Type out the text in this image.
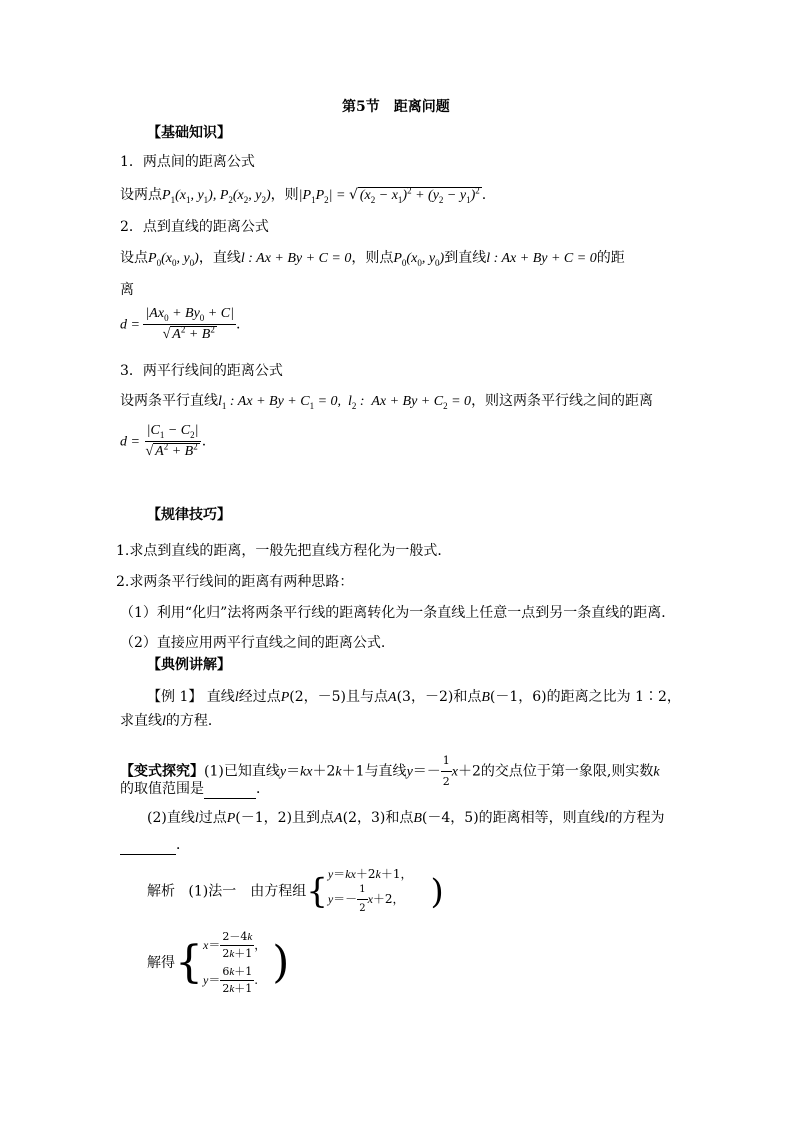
第5节　距离问题
【基础知识】
1．两点间的距离公式
设两点$P_1(x_1$, $y_1$), $P_2(x_2$, $y_2$)，则$|P_1P_2|$ = √ $(x_2 - x_1)^2 + (y_2 - y_1)^2$ .
2．点到直线的距离公式
设点$P_0(x_0$, $y_0$)，直线l : Ax + By + C = 0，则点$P_0(x_0$, $y_0$)到直线l : Ax + By + C = 0的距
离
$d = \frac{|Ax_0 + By_0 + C|}{√ A^2 + B^2}$ .
3．两平行线间的距离公式
设两条平行直线$l_1$ : $Ax + By + C_1 = 0$,  $l_2$ :  $Ax + By + C_2 = 0$，则这两条平行线之间的距离
$d = \frac{|C_1 - C_2|}{√ A^2 + B^2}$ .
【规律技巧】
1.求点到直线的距离，一般先把直线方程化为一般式．
2.求两条平行线间的距离有两种思路：
（1）利用“化归”法将两条平行线的距离转化为一条直线上任意一点到另一条直线的距离．
（2）直接应用两平行直线之间的距离公式.
【典例讲解】
【例 1】 直线l经过点P(2，－5)且与点A(3，－2)和点B(－1，6)的距离之比为 1∶2，
求直线l的方程．
【变式探究】(1)已知直线y＝kx＋2k＋1与直线$y=- \frac{1}{2} x+2$的交点位于第一象限,则实数k
的取值范围是	．
(2)直线l过点P(－1，2)且到点A(2，3)和点B(－4，5)的距离相等，则直线l的方程为
．
解析 (1)法一　由方程组{ y＝kx＋2k＋1，
$y=- \frac{1}{2} x+2$， )
解得{ $x= \frac{2-4k}{2k+1}$ ，
$y= \frac{6k+1}{2k+1}$ . )
